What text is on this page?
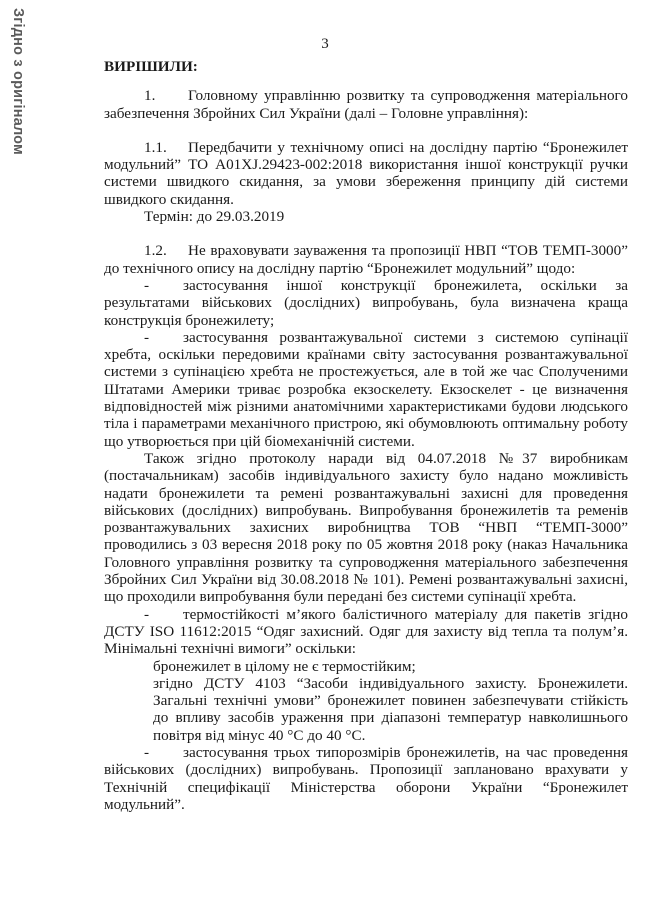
Згідно з оригіналом	3
ВИРІШИЛИ:

1. Головному управлінню розвитку та супроводження матеріального забезпечення Збройних Сил України (далі – Головне управління):

1.1. Передбачити у технічному описі на дослідну партію “Бронежилет модульний” ТО А01XJ.29423-002:2018 використання іншої конструкції ручки системи швидкого скидання, за умови збереження принципу дій системи швидкого скидання.

Термін: до 29.03.2019

1.2. Не враховувати зауваження та пропозиції НВП “ТОВ ТЕМП-3000” до технічного опису на дослідну партію “Бронежилет модульний” щодо:

- застосування іншої конструкції бронежилета, оскільки за результатами військових (дослідних) випробувань, була визначена краща конструкція бронежилету;

- застосування розвантажувальної системи з системою супінації хребта, оскільки передовими країнами світу застосування розвантажувальної системи з супінацією хребта не простежується, але в той же час Сполученими Штатами Америки триває розробка екзоскелету. Екзоскелет - це визначення відповідностей між різними анатомічними характеристиками будови людського тіла і параметрами механічного пристрою, які обумовлюють оптимальну роботу що утворюється при цій біомеханічній системи.

Також згідно протоколу наради від 04.07.2018 №37 виробникам (постачальникам) засобів індивідуального захисту було надано можливість надати бронежилети та ремені розвантажувальні захисні для проведення військових (дослідних) випробувань. Випробування бронежилетів та ременів розвантажувальних захисних виробництва ТОВ “НВП “ТЕМП-3000” проводились з 03 вересня 2018 року по 05 жовтня 2018 року (наказ Начальника Головного управління розвитку та супроводження матеріального забезпечення Збройних Сил України від 30.08.2018 № 101). Ремені розвантажувальні захисні, що проходили випробування були передані без системи супінації хребта.

- термостійкості м’якого балістичного матеріалу для пакетів згідно ДСТУ ISO 11612:2015 “Одяг захисний. Одяг для захисту від тепла та полум’я. Мінімальні технічні вимоги” оскільки:

бронежилет в цілому не є термостійким;

згідно ДСТУ 4103 “Засоби індивідуального захисту. Бронежилети. Загальні технічні умови” бронежилет повинен забезпечувати стійкість до впливу засобів ураження при діапазоні температур навколишнього повітря від мінус 40 °С до 40 °С.

- застосування трьох типорозмірів бронежилетів, на час проведення військових (дослідних) випробувань. Пропозиції заплановано врахувати у Технічній специфікації Міністерства оборони України “Бронежилет модульний”.
